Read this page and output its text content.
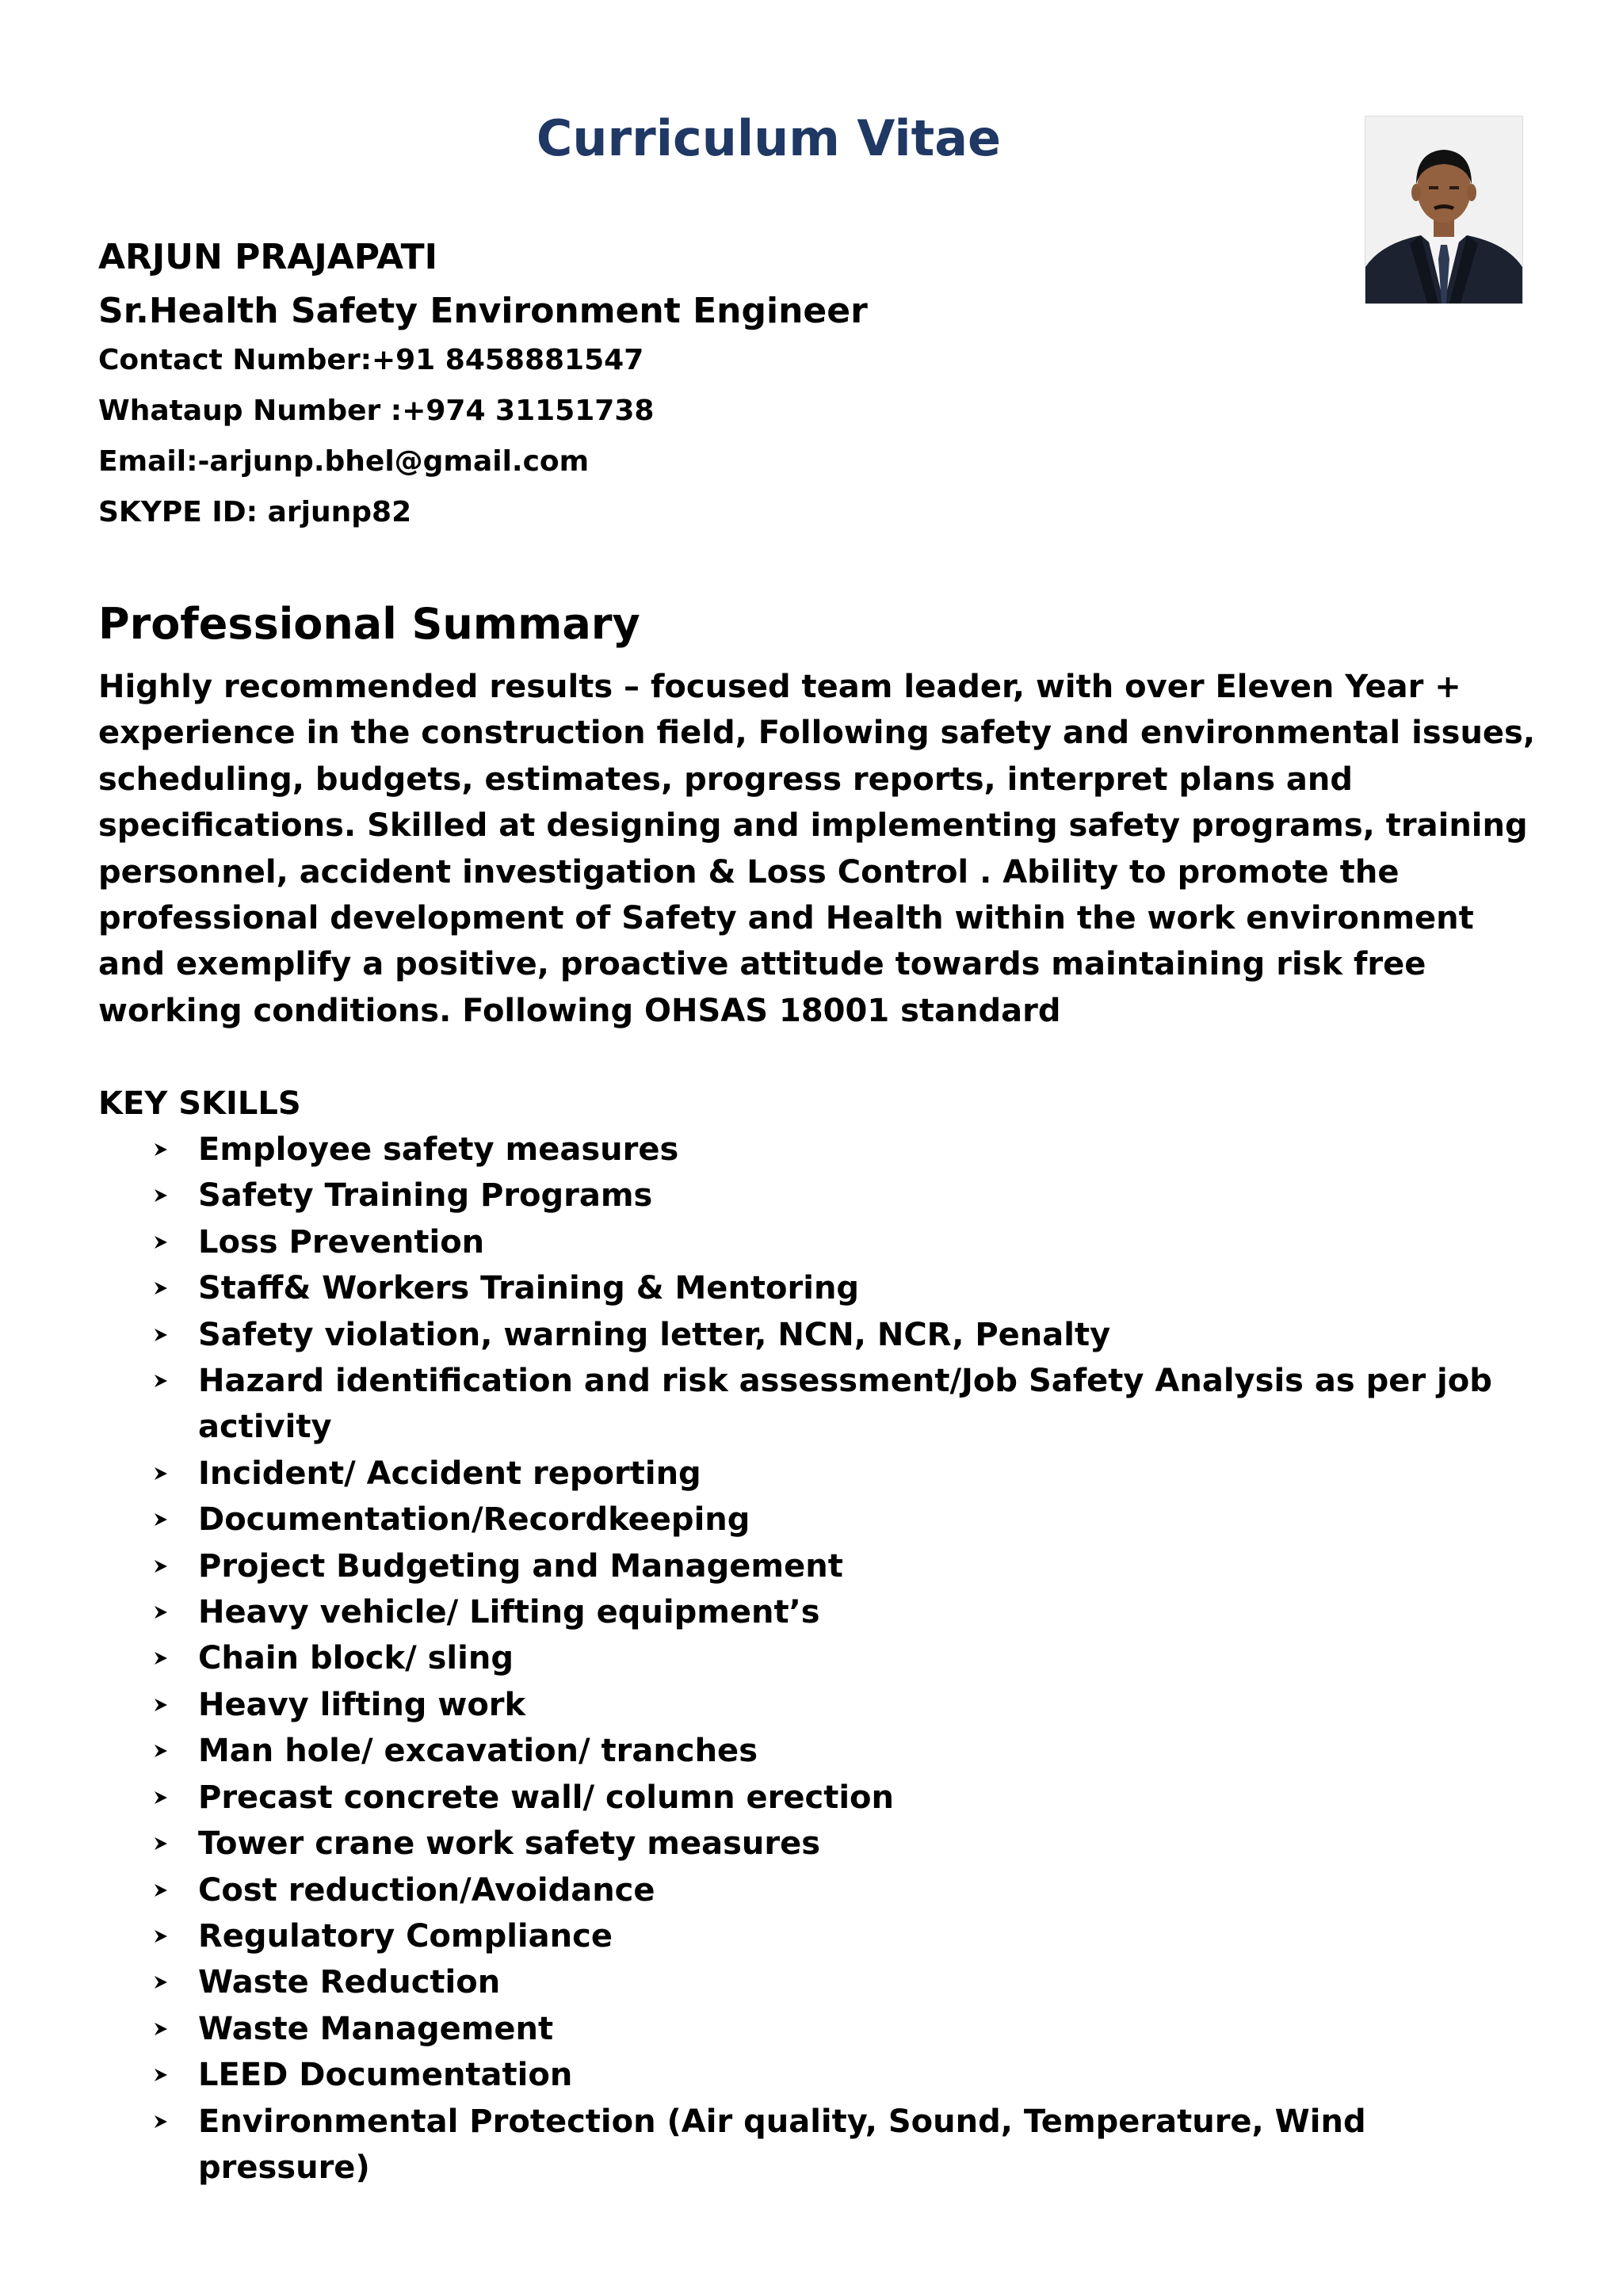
Curriculum Vitae
ARJUN PRAJAPATI
Sr.Health Safety Environment Engineer
Contact Number:+91 8458881547
Whataup Number :+974 31151738
Email:-arjunp.bhel@gmail.com
SKYPE ID: arjunp82
Professional Summary

Highly recommended results – focused team leader, with over Eleven Year + experience in the construction field, Following safety and environmental issues, scheduling, budgets, estimates, progress reports, interpret plans and specifications. Skilled at designing and implementing safety programs, training personnel, accident investigation & Loss Control . Ability to promote the professional development of Safety and Health within the work environment and exemplify a positive, proactive attitude towards maintaining risk free working conditions. Following OHSAS 18001 standard

KEY SKILLS
Employee safety measures
Safety Training Programs
Loss Prevention
Staff& Workers Training & Mentoring
Safety violation, warning letter, NCN, NCR, Penalty
Hazard identification and risk assessment/Job Safety Analysis as per job activity
Incident/ Accident reporting
Documentation/Recordkeeping
Project Budgeting and Management
Heavy vehicle/ Lifting equipment’s
Chain block/ sling
Heavy lifting work
Man hole/ excavation/ tranches
Precast concrete wall/ column erection
Tower crane work safety measures
Cost reduction/Avoidance
Regulatory Compliance
Waste Reduction
Waste Management
LEED Documentation
Environmental Protection (Air quality, Sound, Temperature, Wind pressure)
